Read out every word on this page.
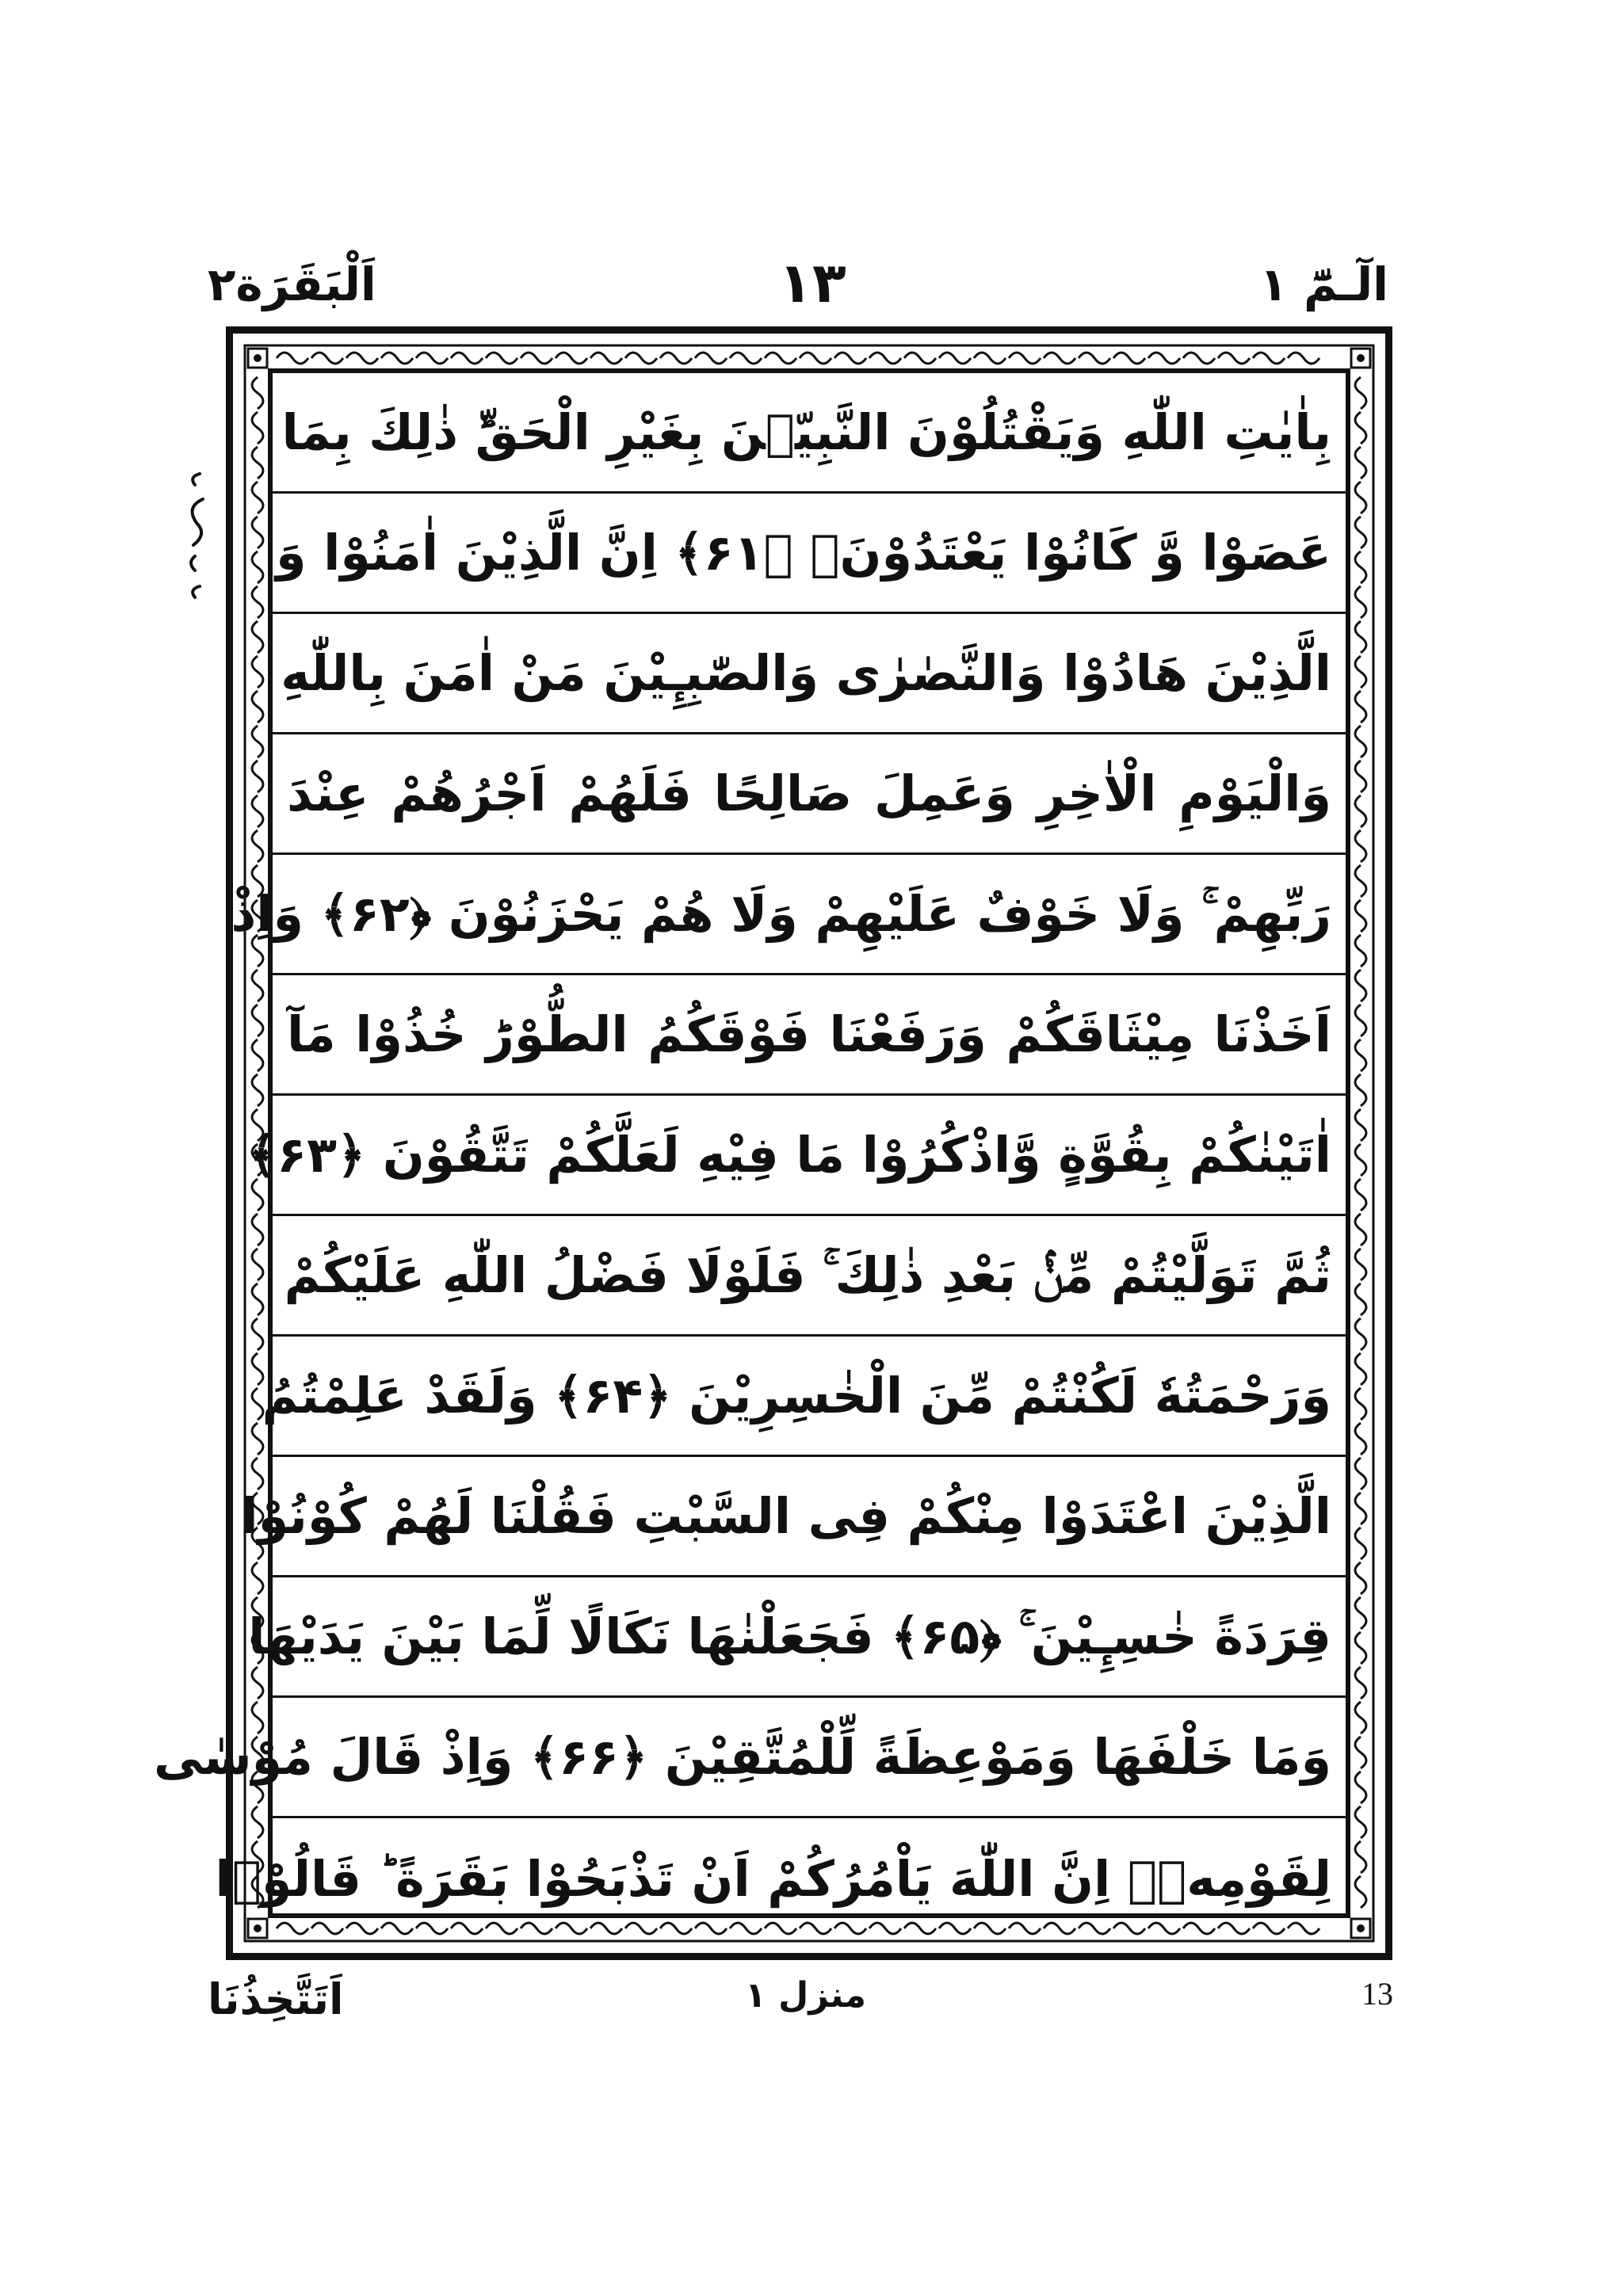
اَلْبَقَرَة۲	۱۳	الٓـمّٓ ۱
بِاٰيٰتِ اللّٰهِ وَيَقْتُلُوْنَ النَّبِيّٖنَ بِغَيْرِ الْحَقِّؕ ذٰلِكَ بِمَا
عَصَوْا وَّ كَانُوْا يَعْتَدُوْنَ۟ ﴿۶۱﴾ اِنَّ الَّذِيْنَ اٰمَنُوْا وَ
الَّذِيْنَ هَادُوْا وَالنَّصٰرٰى وَالصّٰبِـِٕيْنَ مَنْ اٰمَنَ بِاللّٰهِ
وَالْيَوْمِ الْاٰخِرِ وَعَمِلَ صَالِحًا فَلَهُمْ اَجْرُهُمْ عِنْدَ
رَبِّهِمْ ۚ وَلَا خَوْفٌ عَلَيْهِمْ وَلَا هُمْ يَحْزَنُوْنَ ﴿۶۲﴾ وَاِذْ
اَخَذْنَا مِيْثَاقَكُمْ وَرَفَعْنَا فَوْقَكُمُ الطُّوْرَؕ خُذُوْا مَآ
اٰتَيْنٰكُمْ بِقُوَّةٍ وَّاذْكُرُوْا مَا فِيْهِ لَعَلَّكُمْ تَتَّقُوْنَ ﴿۶۳﴾
ثُمَّ تَوَلَّيْتُمْ مِّنْۢ بَعْدِ ذٰلِكَ ۚ فَلَوْلَا فَضْلُ اللّٰهِ عَلَيْكُمْ
وَرَحْمَتُهٗ لَكُنْتُمْ مِّنَ الْخٰسِرِيْنَ ﴿۶۴﴾ وَلَقَدْ عَلِمْتُمُ
الَّذِيْنَ اعْتَدَوْا مِنْكُمْ فِى السَّبْتِ فَقُلْنَا لَهُمْ كُوْنُوْا
قِرَدَةً خٰسِـِٕيْنَ ۚ ﴿۶۵﴾ فَجَعَلْنٰهَا نَكَالًا لِّمَا بَيْنَ يَدَيْهَا
وَمَا خَلْفَهَا وَمَوْعِظَةً لِّلْمُتَّقِيْنَ ﴿۶۶﴾ وَاِذْ قَالَ مُوْسٰى
لِقَوْمِهٖۤ اِنَّ اللّٰهَ يَاْمُرُكُمْ اَنْ تَذْبَحُوْا بَقَرَةً ؕ قَالُوْۤا
اَتَتَّخِذُنَا	منزل ۱	13
